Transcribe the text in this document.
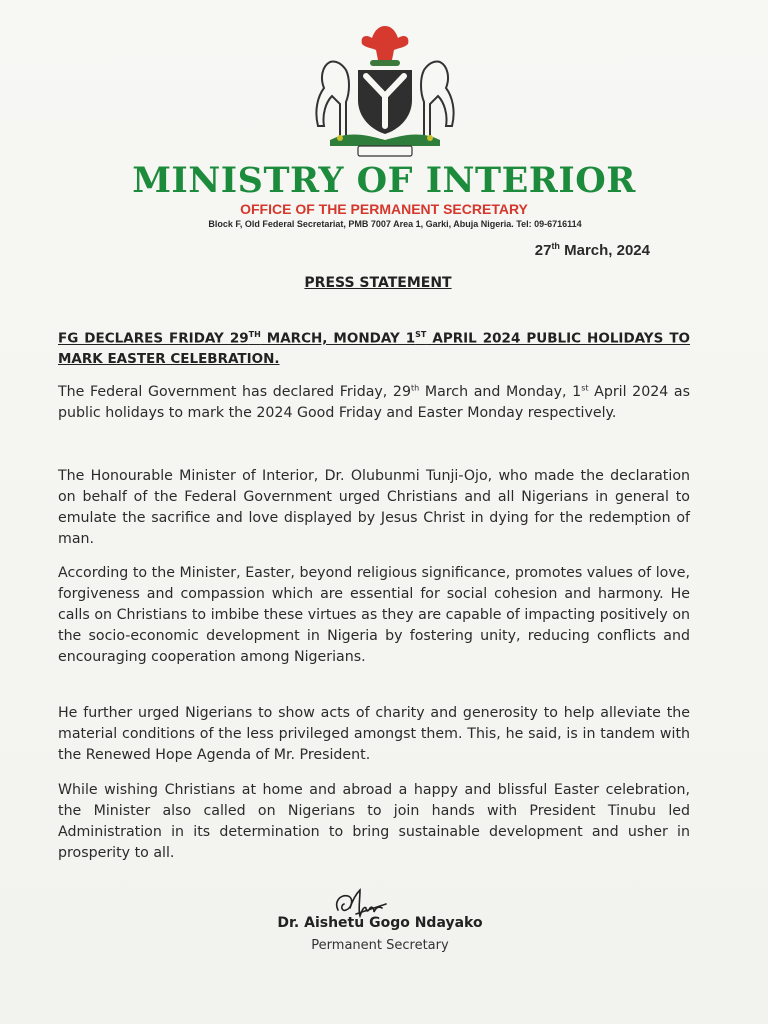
MINISTRY OF INTERIOR

OFFICE OF THE PERMANENT SECRETARY

Block F, Old Federal Secretariat, PMB 7007 Area 1, Garki, Abuja Nigeria. Tel: 09-6716114

27th March, 2024
PRESS STATEMENT

FG DECLARES FRIDAY 29TH MARCH, MONDAY 1ST APRIL 2024 PUBLIC HOLIDAYS TO MARK EASTER CELEBRATION.

The Federal Government has declared Friday, 29th March and Monday, 1st April 2024 as public holidays to mark the 2024 Good Friday and Easter Monday respectively.

The Honourable Minister of Interior, Dr. Olubunmi Tunji-Ojo, who made the declaration on behalf of the Federal Government urged Christians and all Nigerians in general to emulate the sacrifice and love displayed by Jesus Christ in dying for the redemption of man.

According to the Minister, Easter, beyond religious significance, promotes values of love, forgiveness and compassion which are essential for social cohesion and harmony. He calls on Christians to imbibe these virtues as they are capable of impacting positively on the socio-economic development in Nigeria by fostering unity, reducing conflicts and encouraging cooperation among Nigerians.

He further urged Nigerians to show acts of charity and generosity to help alleviate the material conditions of the less privileged amongst them. This, he said, is in tandem with the Renewed Hope Agenda of Mr. President.

While wishing Christians at home and abroad a happy and blissful Easter celebration, the Minister also called on Nigerians to join hands with President Tinubu led Administration in its determination to bring sustainable development and usher in prosperity to all.

Dr. Aishetu Gogo Ndayako

Permanent Secretary
